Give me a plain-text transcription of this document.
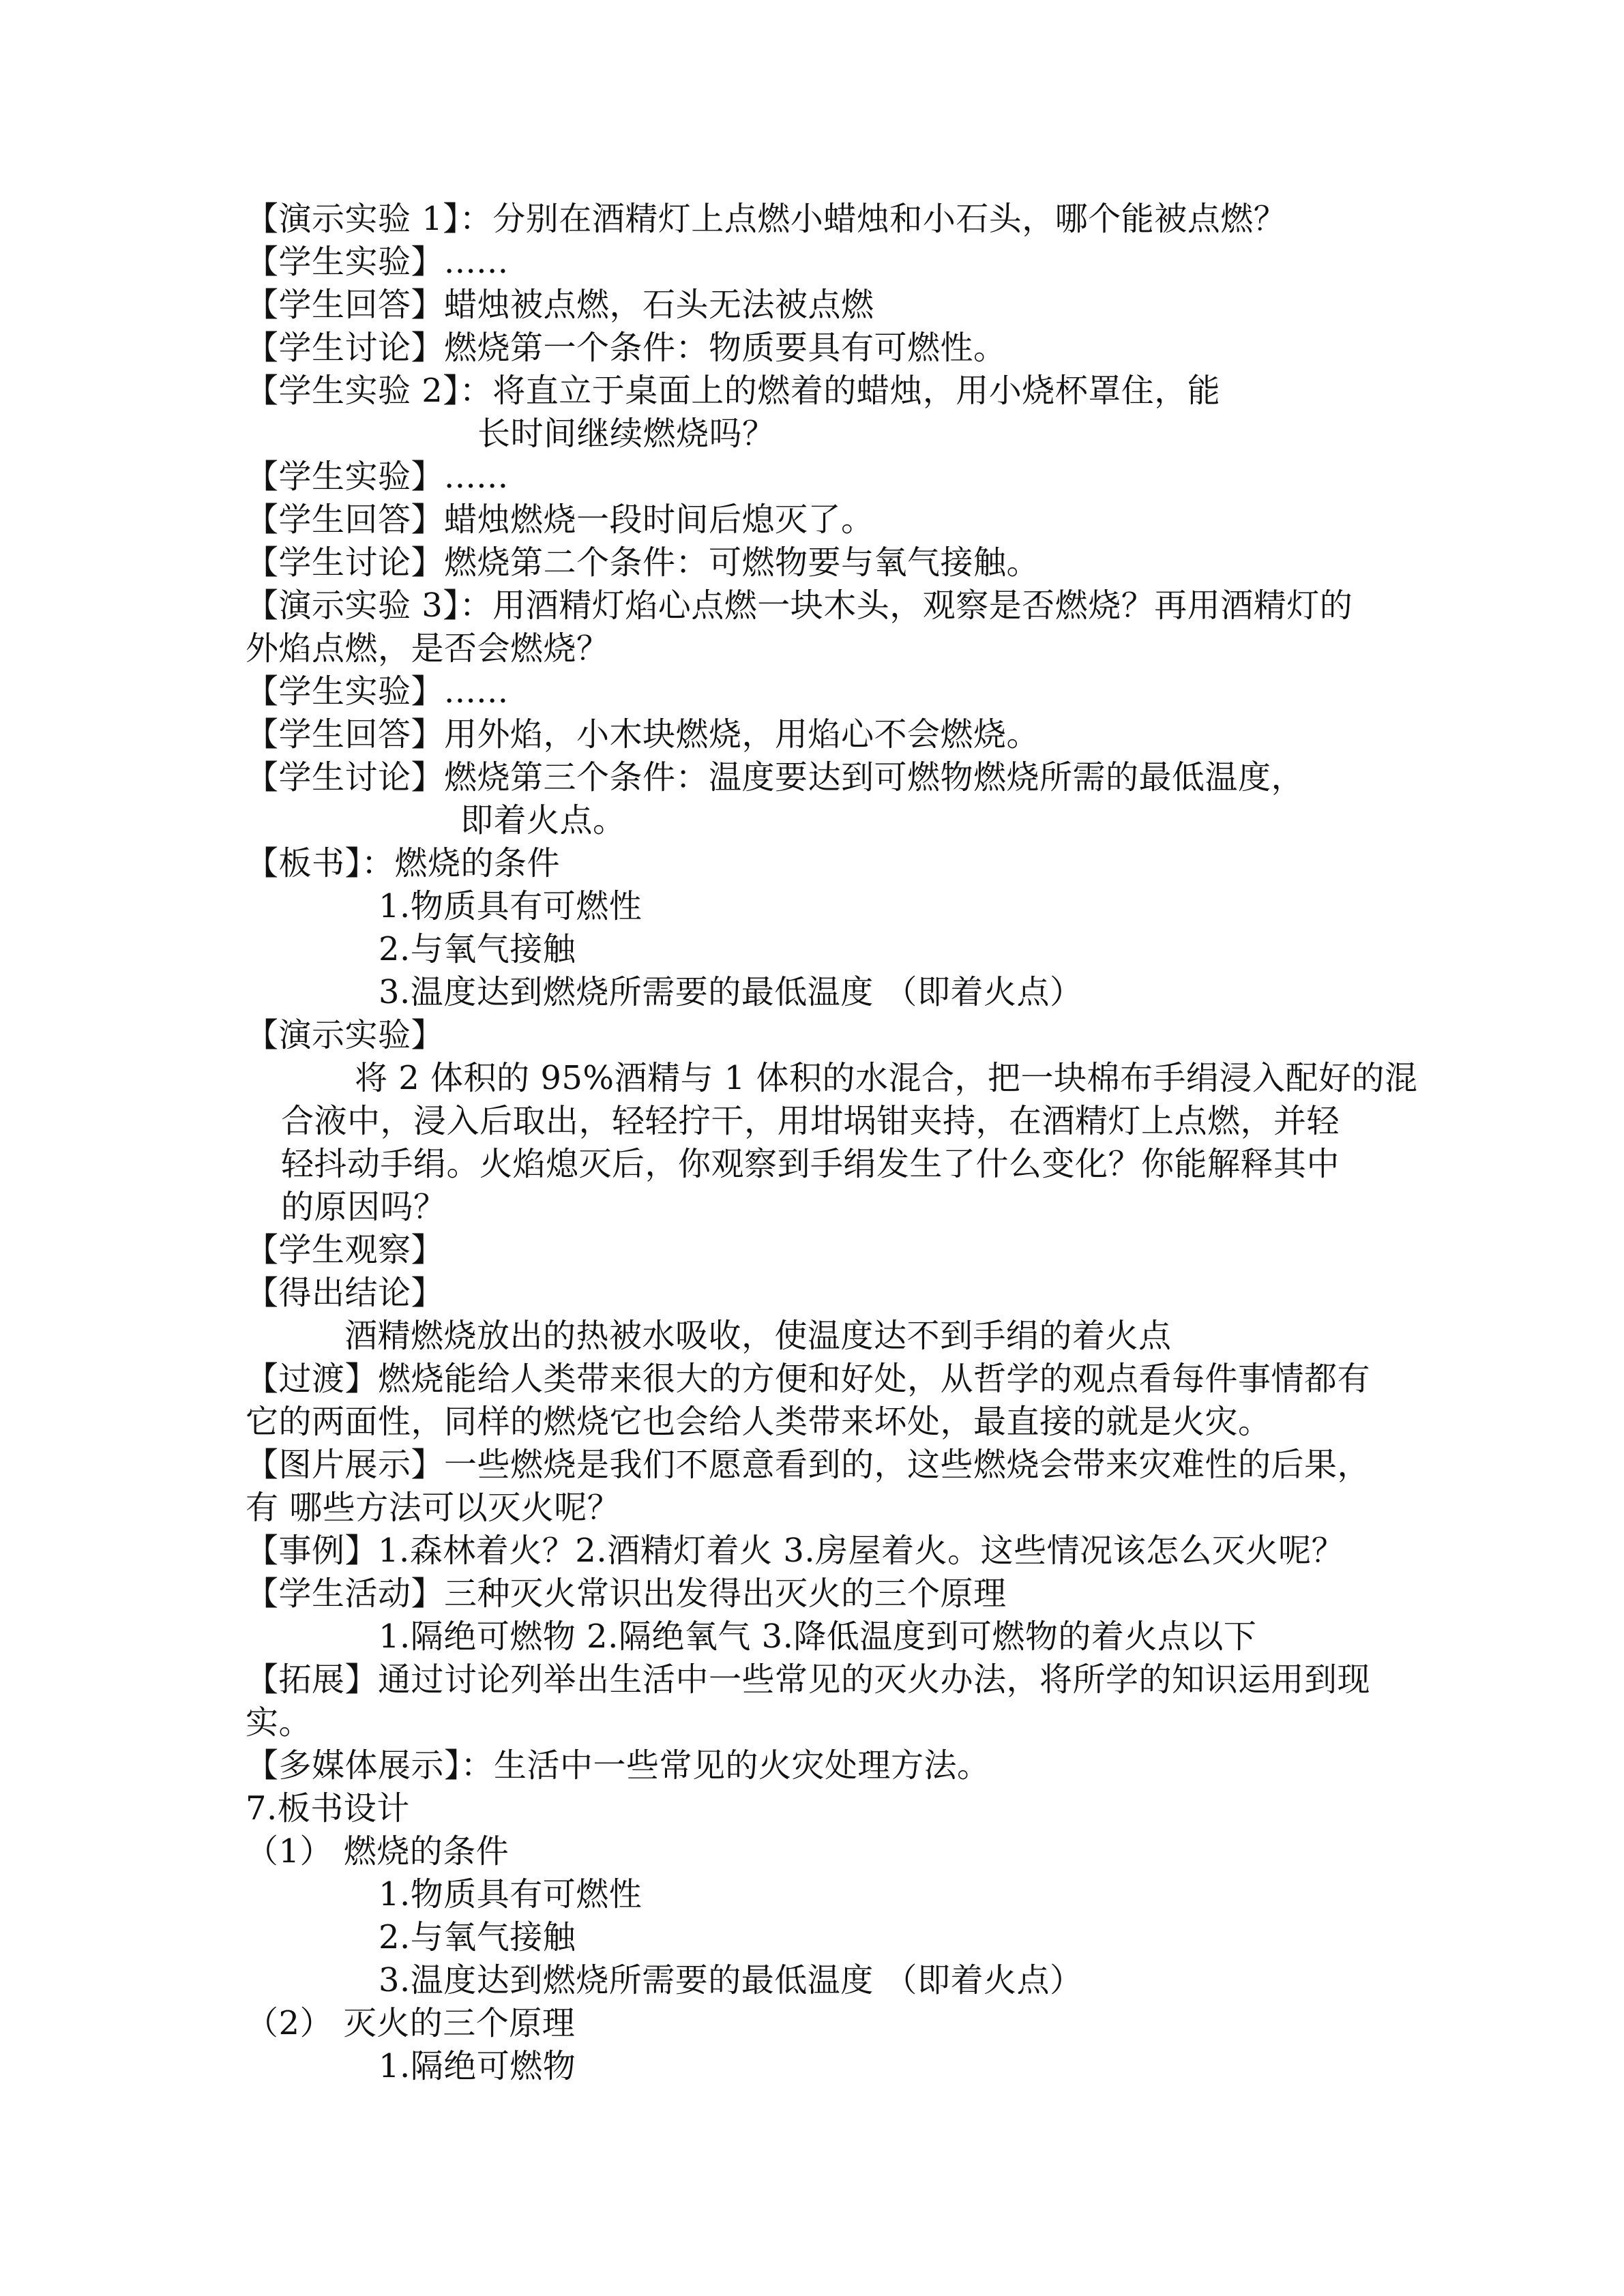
【演示实验 1】：分别在酒精灯上点燃小蜡烛和小石头，哪个能被点燃？
【学生实验】......
【学生回答】蜡烛被点燃，石头无法被点燃
【学生讨论】燃烧第一个条件：物质要具有可燃性。
【学生实验 2】：将直立于桌面上的燃着的蜡烛，用小烧杯罩住，能
长时间继续燃烧吗？
【学生实验】......
【学生回答】蜡烛燃烧一段时间后熄灭了。
【学生讨论】燃烧第二个条件：可燃物要与氧气接触。
【演示实验 3】：用酒精灯焰心点燃一块木头，观察是否燃烧？再用酒精灯的
外焰点燃，是否会燃烧？
【学生实验】......
【学生回答】用外焰，小木块燃烧，用焰心不会燃烧。
【学生讨论】燃烧第三个条件：温度要达到可燃物燃烧所需的最低温度，
即着火点。
【板书】：燃烧的条件
1.物质具有可燃性
2.与氧气接触
3.温度达到燃烧所需要的最低温度 （即着火点）
【演示实验】
将 2 体积的 95%酒精与 1 体积的水混合，把一块棉布手绢浸入配好的混
合液中，浸入后取出，轻轻拧干，用坩埚钳夹持，在酒精灯上点燃，并轻
轻抖动手绢。火焰熄灭后，你观察到手绢发生了什么变化？你能解释其中
的原因吗？
【学生观察】
【得出结论】
酒精燃烧放出的热被水吸收，使温度达不到手绢的着火点
【过渡】燃烧能给人类带来很大的方便和好处，从哲学的观点看每件事情都有
它的两面性，同样的燃烧它也会给人类带来坏处，最直接的就是火灾。
【图片展示】一些燃烧是我们不愿意看到的，这些燃烧会带来灾难性的后果，
有 哪些方法可以灭火呢？
【事例】1.森林着火？2.酒精灯着火 3.房屋着火。这些情况该怎么灭火呢？
【学生活动】三种灭火常识出发得出灭火的三个原理
1.隔绝可燃物 2.隔绝氧气 3.降低温度到可燃物的着火点以下
【拓展】通过讨论列举出生活中一些常见的灭火办法，将所学的知识运用到现
实。
【多媒体展示】：生活中一些常见的火灾处理方法。
7.板书设计
（1） 燃烧的条件
1.物质具有可燃性
2.与氧气接触
3.温度达到燃烧所需要的最低温度 （即着火点）
（2） 灭火的三个原理
1.隔绝可燃物
